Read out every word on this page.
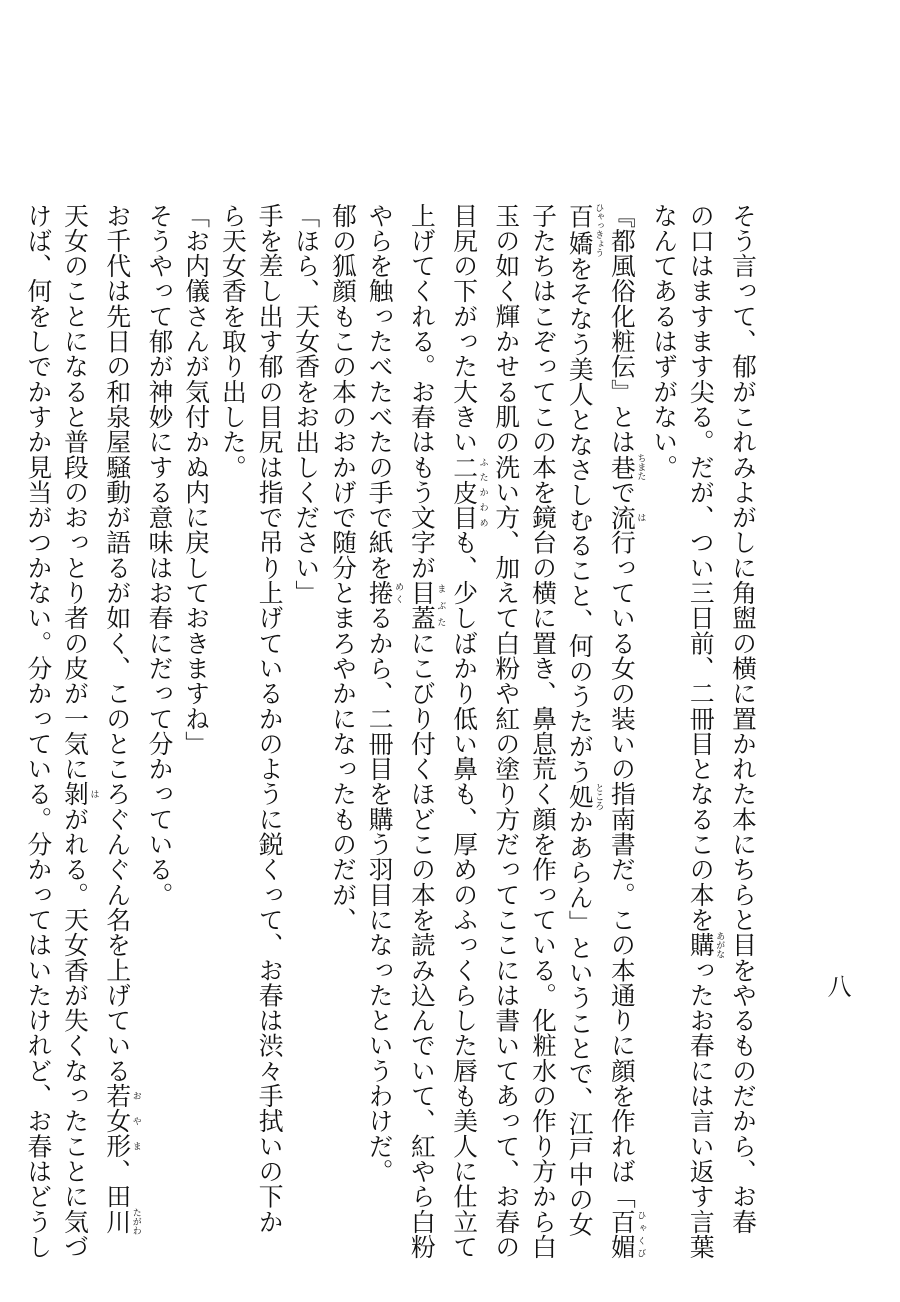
八
そう言って、郁がこれみよがしに角盥の横に置かれた本にちらと目をやるものだから、お春
の口はますます尖る。だが、つい三日前、二冊目となるこの本を購あがなったお春には言い返す言葉
なんてあるはずがない。
『都風俗化粧伝』とは巷ちまたで流は行っている女の装いの指南書だ。この本通りに顔を作れば「百媚ひゃくび
百嬌ひゃっきょうをそなう美人となさしむること、何のうたがう処ところかあらん」ということで、江戸中の女
子たちはこぞってこの本を鏡台の横に置き、鼻息荒く顔を作っている。化粧水の作り方から白
玉の如く輝かせる肌の洗い方、加えて白粉や紅の塗り方だってここには書いてあって、お春の
目尻の下がった大きい二皮目ふたかわめも、少しばかり低い鼻も、厚めのふっくらした唇も美人に仕立て
上げてくれる。お春はもう文字が目蓋まぶたにこびり付くほどこの本を読み込んでいて、紅やら白粉
やらを触ったべたべたの手で紙を捲めくるから、二冊目を購う羽目になったというわけだ。
郁の狐顔もこの本のおかげで随分とまろやかになったものだが、
「ほら、天女香をお出しください」
手を差し出す郁の目尻は指で吊り上げているかのように鋭くって、お春は渋々手拭いの下か
ら天女香を取り出した。
「お内儀さんが気付かぬ内に戻しておきますね」
そうやって郁が神妙にする意味はお春にだって分かっている。
お千代は先日の和泉屋騒動が語るが如く、このところぐんぐん名を上げている若女形おやま、田川たがわ
天女のことになると普段のおっとり者の皮が一気に剝はがれる。天女香が失くなったことに気づ
けば、何をしでかすか見当がつかない。分かっている。分かってはいたけれど、お春はどうし
